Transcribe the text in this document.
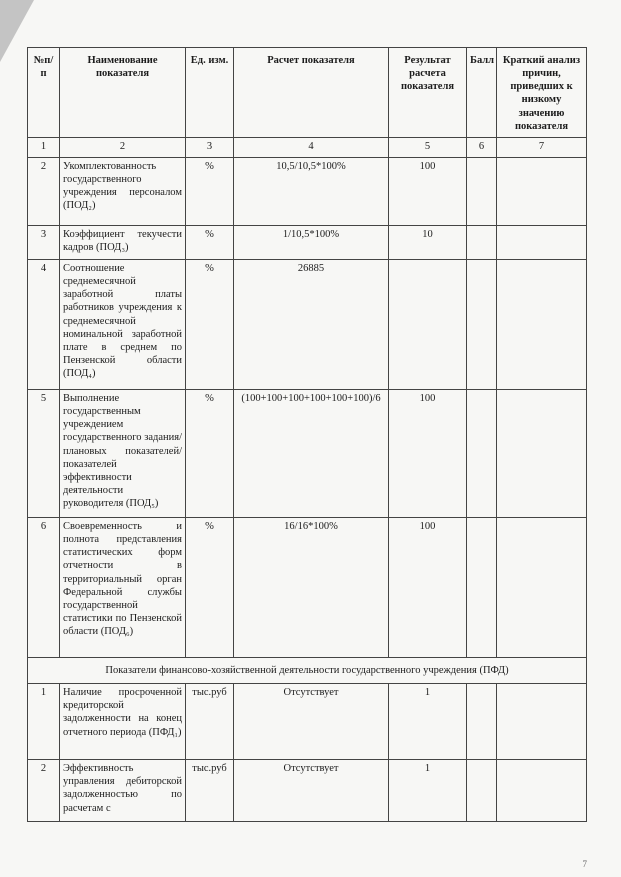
№п/п	Наименование показателя	Ед. изм.	Расчет показателя	Результат расчета показателя	Балл	Краткий анализ причин, приведших к низкому значению показателя
1	2	3	4	5	6	7
2	Укомплектованность государственного учреждения персоналом (ПОД₂)	%	10,5/10,5*100%	100		
3	Коэффициент текучести кадров (ПОД₃)	%	1/10,5*100%	10		
4	Соотношение среднемесячной заработной платы работников учреждения к среднемесячной номинальной заработной плате в среднем по Пензенской области (ПОД₄)	%	26885			
5	Выполнение государственным учреждением государственного задания/плановых показателей/показателей эффективности деятельности руководителя (ПОД₅)	%	(100+100+100+100+100+100)/6	100		
6	Своевременность и полнота представления статистических форм отчетности в территориальный орган Федеральной службы государственной статистики по Пензенской области (ПОД₆)	%	16/16*100%	100		
Показатели финансово-хозяйственной деятельности государственного учреждения (ПФД)						
1	Наличие просроченной кредиторской задолженности на конец отчетного периода (ПФД₁)	тыс.руб	Отсутствует	1		
2	Эффективность управления дебиторской задолженностью по расчетам с	тыс.руб	Отсутствует	1		
7
